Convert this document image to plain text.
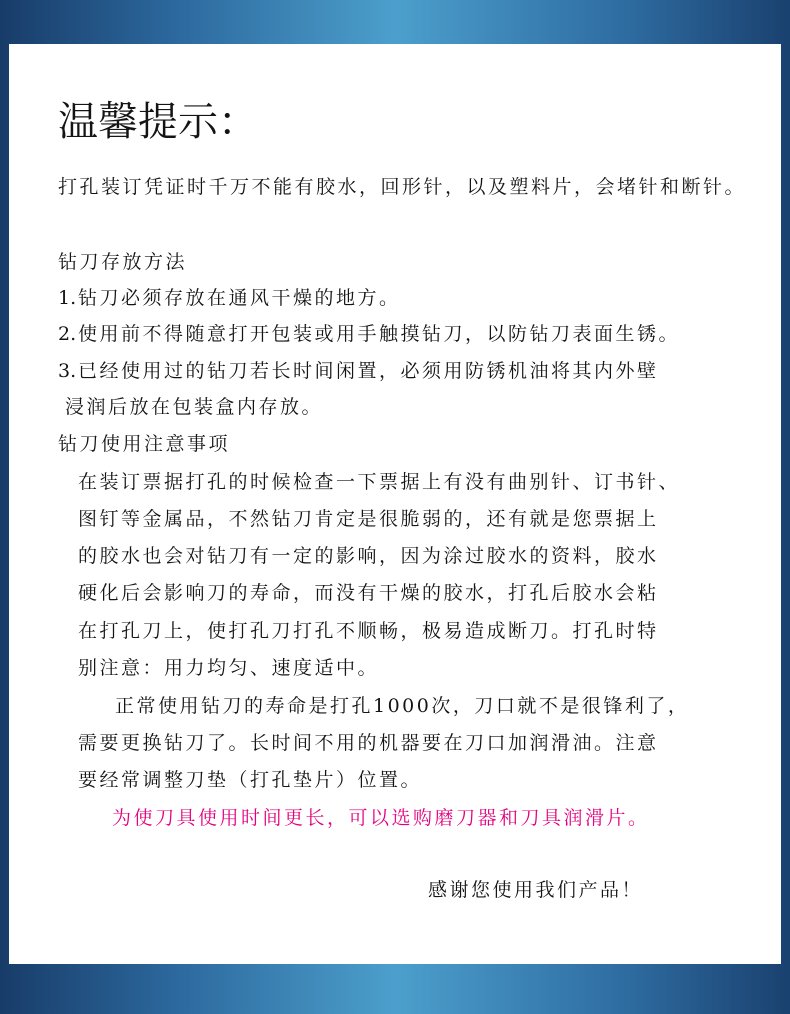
温馨提示：

打孔装订凭证时千万不能有胶水，回形针，以及塑料片，会堵针和断针。

钻刀存放方法

1.钻刀必须存放在通风干燥的地方。

2.使用前不得随意打开包装或用手触摸钻刀，以防钻刀表面生锈。

3.已经使用过的钻刀若长时间闲置，必须用防锈机油将其内外壁

浸润后放在包装盒内存放。

钻刀使用注意事项

在装订票据打孔的时候检查一下票据上有没有曲别针、订书针、

图钉等金属品，不然钻刀肯定是很脆弱的，还有就是您票据上

的胶水也会对钻刀有一定的影响，因为涂过胶水的资料，胶水

硬化后会影响刀的寿命，而没有干燥的胶水，打孔后胶水会粘

在打孔刀上，使打孔刀打孔不顺畅，极易造成断刀。打孔时特

别注意：用力均匀、速度适中。

正常使用钻刀的寿命是打孔1000次，刀口就不是很锋利了，

需要更换钻刀了。长时间不用的机器要在刀口加润滑油。注意

要经常调整刀垫（打孔垫片）位置。

为使刀具使用时间更长，可以选购磨刀器和刀具润滑片。

感谢您使用我们产品！
